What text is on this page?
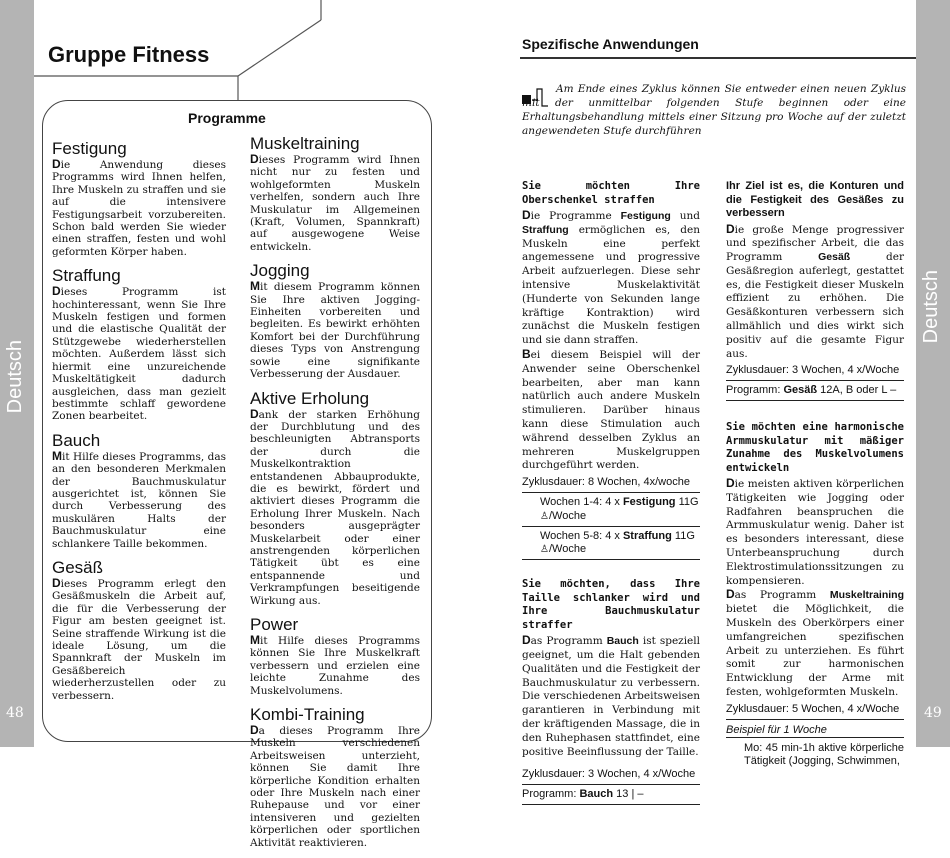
Deutsch
48
Gruppe Fitness
Programme
Festigung

Die Anwendung dieses Programms wird Ihnen helfen, Ihre Muskeln zu straffen und sie auf die intensivere Festigungsarbeit vorzubereiten. Schon bald werden Sie wieder einen straffen, festen und wohl geformten Körper haben.

Straffung

Dieses Programm ist hochinteressant, wenn Sie Ihre Muskeln festigen und formen und die elastische Qualität der Stützgewebe wiederherstellen möchten. Außerdem lässt sich hiermit eine unzureichende Muskeltätigkeit dadurch ausgleichen, dass man gezielt bestimmte schlaff gewordene Zonen bearbeitet.

Bauch

Mit Hilfe dieses Programms, das an den besonderen Merkmalen der Bauchmuskulatur ausgerichtet ist, können Sie durch Verbesserung des muskulären Halts der Bauchmuskulatur eine schlankere Taille bekommen.

Gesäß

Dieses Programm erlegt den Gesäßmuskeln die Arbeit auf, die für die Verbesserung der Figur am besten geeignet ist. Seine straffende Wirkung ist die ideale Lösung, um die Spannkraft der Muskeln im Gesäßbereich wiederherzustellen oder zu verbessern.

Muskeltraining

Dieses Programm wird Ihnen nicht nur zu festen und wohlgeformten Muskeln verhelfen, sondern auch Ihre Muskulatur im Allgemeinen (Kraft, Volumen, Spannkraft) auf ausgewogene Weise entwickeln.

Jogging

Mit diesem Programm können Sie Ihre aktiven Jogging-Einheiten vorbereiten und begleiten. Es bewirkt erhöhten Komfort bei der Durchführung dieses Typs von Anstrengung sowie eine signifikante Verbesserung der Ausdauer.

Aktive Erholung

Dank der starken Erhöhung der Durchblutung und des beschleunigten Abtransports der durch die Muskelkontraktion entstandenen Abbauprodukte, die es bewirkt, fördert und aktiviert dieses Programm die Erholung Ihrer Muskeln. Nach besonders ausgeprägter Muskelarbeit oder einer anstrengenden körperlichen Tätigkeit übt es eine entspannende und Verkrampfungen beseitigende Wirkung aus.

Power

Mit Hilfe dieses Programms können Sie Ihre Muskelkraft verbessern und erzielen eine leichte Zunahme des Muskelvolumens.

Kombi-Training

Da dieses Programm Ihre Muskeln verschiedenen Arbeitsweisen unterzieht, können Sie damit Ihre körperliche Kondition erhalten oder Ihre Muskeln nach einer Ruhepause und vor einer intensiveren und gezielten körperlichen oder sportlichen Aktivität reaktivieren.

Deutsch
49
Spezifische Anwendungen
Am Ende eines Zyklus können Sie entweder einen neuen Zyklus mit der unmittelbar folgenden Stufe beginnen oder eine Erhaltungsbehandlung mittels einer Sitzung pro Woche auf der zuletzt angewendeten Stufe durchführen
Sie möchten Ihre Oberschenkel straffen

Die Programme Festigung und Straffung ermöglichen es, den Muskeln eine perfekt angemessene und progressive Arbeit aufzuerlegen. Diese sehr intensive Muskelaktivität (Hunderte von Sekunden lange kräftige Kontraktion) wird zunächst die Muskeln festigen und sie dann straffen.

Bei diesem Beispiel will der Anwender seine Oberschenkel bearbeiten, aber man kann natürlich auch andere Muskeln stimulieren. Darüber hinaus kann diese Stimulation auch während desselben Zyklus an mehreren Muskelgruppen durchgeführt werden.

Zyklusdauer: 8 Wochen, 4x/woche
Wochen 1-4: 4 x Festigung 11G
♙/Woche
Wochen 5-8: 4 x Straffung 11G
♙/Woche
Sie möchten, dass Ihre Taille schlanker wird und Ihre Bauchmuskulatur straffer

Das Programm Bauch ist speziell geeignet, um die Halt gebenden Qualitäten und die Festigkeit der Bauchmuskulatur zu verbessern. Die verschiedenen Arbeitsweisen garantieren in Verbindung mit der kräftigenden Massage, die in den Ruhephasen stattfindet, eine positive Beeinflussung der Taille.

Zyklusdauer: 3 Wochen, 4 x/Woche
Programm: Bauch 13 | –
Ihr Ziel ist es, die Konturen und die Festigkeit des Gesäßes zu verbessern

Die große Menge progressiver und spezifischer Arbeit, die das Programm Gesäß der Gesäßregion auferlegt, gestattet es, die Festigkeit dieser Muskeln effizient zu erhöhen. Die Gesäßkonturen verbessern sich allmählich und dies wirkt sich positiv auf die gesamte Figur aus.

Zyklusdauer: 3 Wochen, 4 x/Woche
Programm: Gesäß 12A, B oder L –
Sie möchten eine harmonische Armmuskulatur mit mäßiger Zunahme des Muskelvolumens entwickeln

Die meisten aktiven körperlichen Tätigkeiten wie Jogging oder Radfahren beanspruchen die Armmuskulatur wenig. Daher ist es besonders interessant, diese Unterbeanspruchung durch Elektrostimulationssitzungen zu kompensieren.

Das Programm Muskeltraining bietet die Möglichkeit, die Muskeln des Oberkörpers einer umfangreichen spezifischen Arbeit zu unterziehen. Es führt somit zur harmonischen Entwicklung der Arme mit festen, wohlgeformten Muskeln.

Zyklusdauer: 5 Wochen, 4 x/Woche
Beispiel für 1 Woche
Mo: 45 min-1h aktive körperliche Tätigkeit (Jogging, Schwimmen,
